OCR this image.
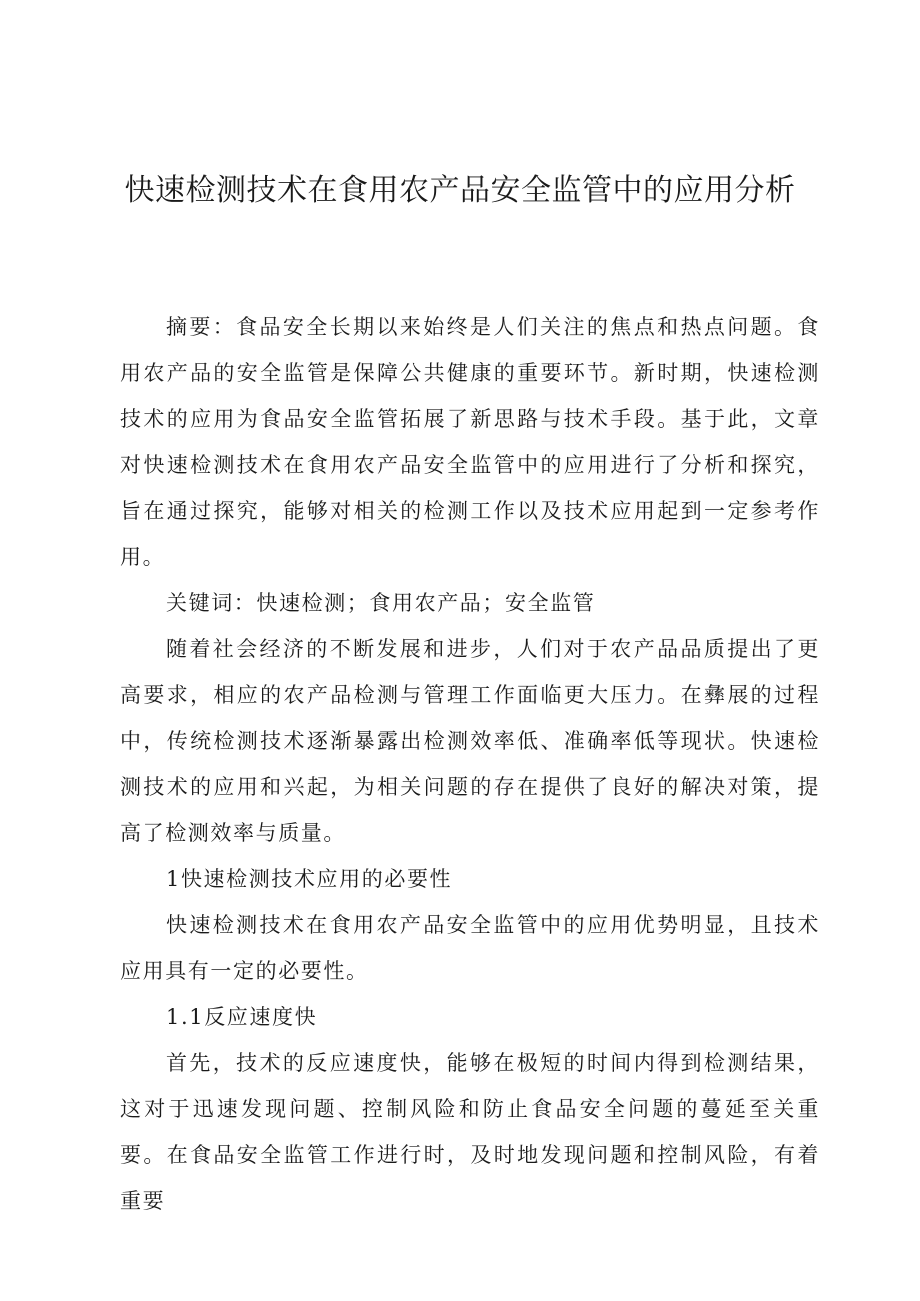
快速检测技术在食用农产品安全监管中的应用分析

摘要：食品安全长期以来始终是人们关注的焦点和热点问题。食用农产品的安全监管是保障公共健康的重要环节。新时期，快速检测技术的应用为食品安全监管拓展了新思路与技术手段。基于此，文章对快速检测技术在食用农产品安全监管中的应用进行了分析和探究，旨在通过探究，能够对相关的检测工作以及技术应用起到一定参考作用。

关键词：快速检测；食用农产品；安全监管

随着社会经济的不断发展和进步，人们对于农产品品质提出了更高要求，相应的农产品检测与管理工作面临更大压力。在彝展的过程中，传统检测技术逐渐暴露出检测效率低、准确率低等现状。快速检测技术的应用和兴起，为相关问题的存在提供了良好的解决对策，提高了检测效率与质量。

1快速检测技术应用的必要性

快速检测技术在食用农产品安全监管中的应用优势明显，且技术应用具有一定的必要性。

1.1反应速度快

首先，技术的反应速度快，能够在极短的时间内得到检测结果，这对于迅速发现问题、控制风险和防止食品安全问题的蔓延至关重要。在食品安全监管工作进行时，及时地发现问题和控制风险，有着重要
